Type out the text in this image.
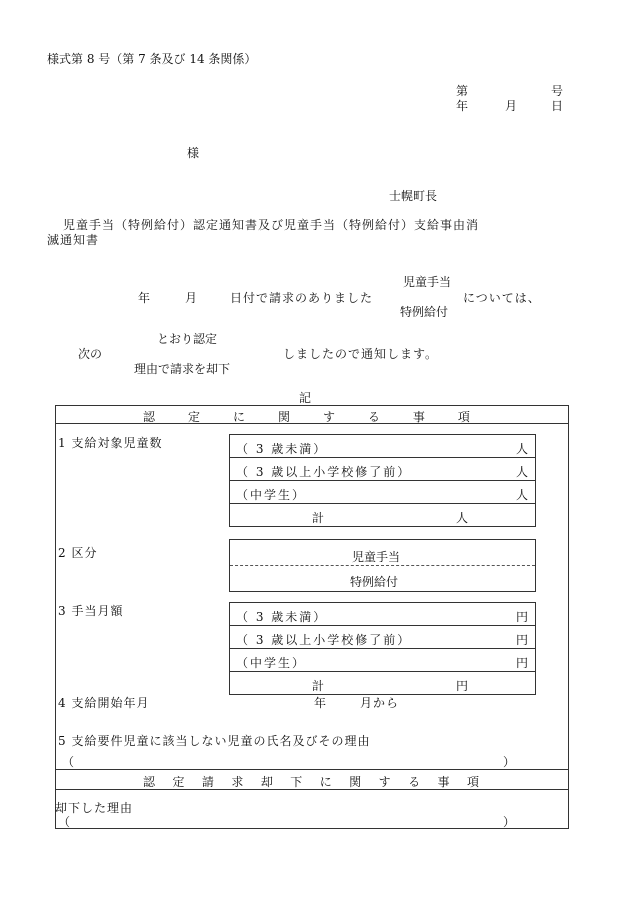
様式第 8 号（第 7 条及び 14 条関係）
第	号
年	月	日
様
士幌町長
児童手当（特例給付）認定通知書及び児童手当（特例給付）支給事由消
滅通知書
児童手当
年	月	日付で請求のありました	については、
特例給付
とおり認定
次の	しましたので通知します。
理由で請求を却下
記
認	定	に	関	す	る	事	項
1 支給対象児童数	（ 3 歳未満）	人
（ 3 歳以上小学校修了前）	人
（中学生）	人
計	人
2 区分	児童手当
特例給付
3 手当月額	（ 3 歳未満）	円
（ 3 歳以上小学校修了前）	円
（中学生）	円
計	円
4 支給開始年月	年	月から
5 支給要件児童に該当しない児童の氏名及びその理由
（	）
認 定 請 求 却 下 に 関 す る 事 項
却下した理由
（	）
